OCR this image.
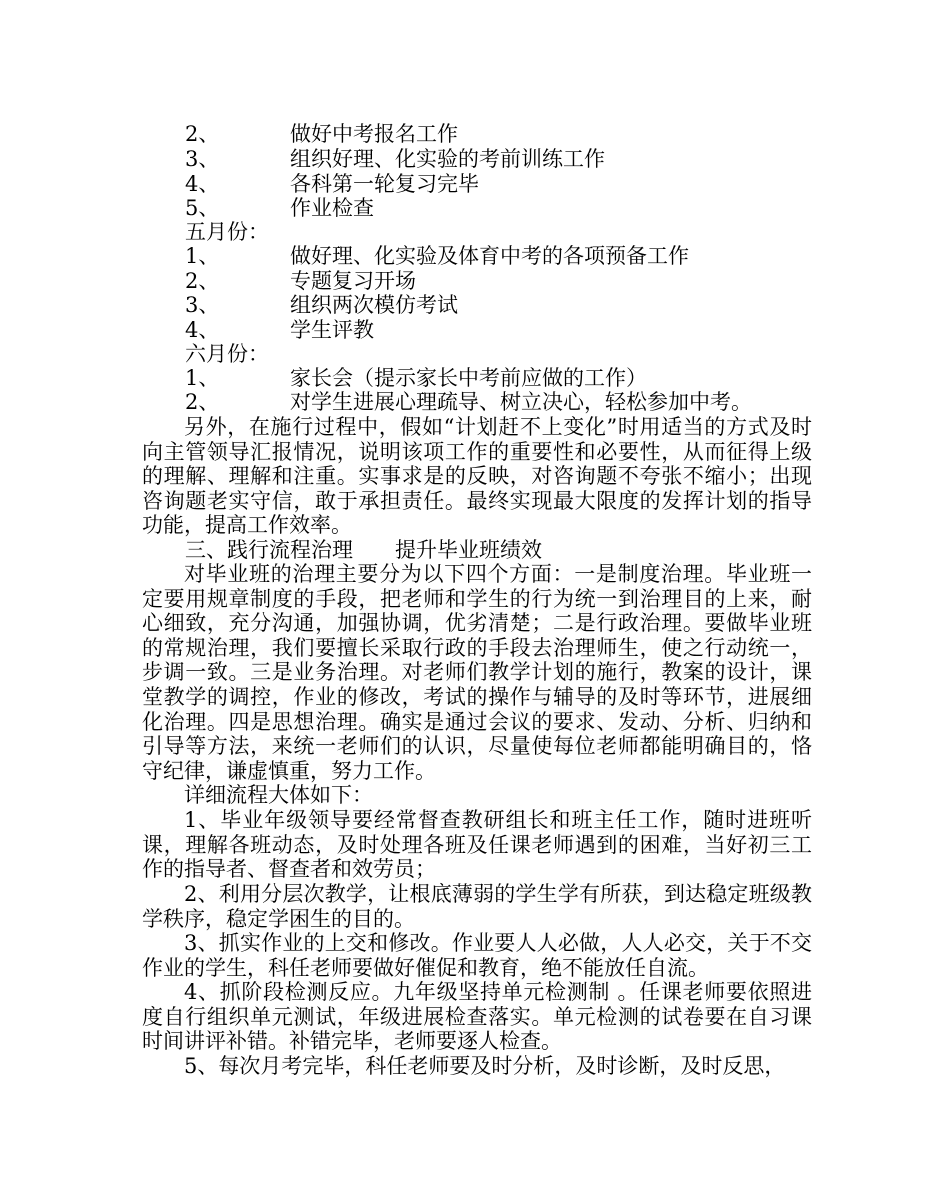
2、	做好中考报名工作
3、	组织好理、化实验的考前训练工作
4、	各科第一轮复习完毕
5、	作业检查
五月份：
1、	做好理、化实验及体育中考的各项预备工作
2、	专题复习开场
3、	组织两次模仿考试
4、	学生评教
六月份：
1、	家长会（提示家长中考前应做的工作）
2、	对学生进展心理疏导、树立决心，轻松参加中考。

另外，在施行过程中，假如“计划赶不上变化”时用适当的方式及时向主管领导汇报情况，说明该项工作的重要性和必要性，从而征得上级的理解、理解和注重。实事求是的反映，对咨询题不夸张不缩小；出现咨询题老实守信，敢于承担责任。最终实现最大限度的发挥计划的指导功能，提高工作效率。

三、践行流程治理　　提升毕业班绩效

对毕业班的治理主要分为以下四个方面：一是制度治理。毕业班一定要用规章制度的手段，把老师和学生的行为统一到治理目的上来，耐心细致，充分沟通，加强协调，优劣清楚；二是行政治理。要做毕业班的常规治理，我们要擅长采取行政的手段去治理师生，使之行动统一，步调一致。三是业务治理。对老师们教学计划的施行，教案的设计，课堂教学的调控，作业的修改，考试的操作与辅导的及时等环节，进展细化治理。四是思想治理。确实是通过会议的要求、发动、分析、归纳和引导等方法，来统一老师们的认识，尽量使每位老师都能明确目的，恪守纪律，谦虚慎重，努力工作。

详细流程大体如下：

1、毕业年级领导要经常督查教研组长和班主任工作，随时进班听课，理解各班动态，及时处理各班及任课老师遇到的困难，当好初三工作的指导者、督查者和效劳员；

2、利用分层次教学，让根底薄弱的学生学有所获，到达稳定班级教学秩序，稳定学困生的目的。

3、抓实作业的上交和修改。作业要人人必做，人人必交，关于不交作业的学生，科任老师要做好催促和教育，绝不能放任自流。

4、抓阶段检测反应。九年级坚持单元检测制 。任课老师要依照进度自行组织单元测试，年级进展检查落实。单元检测的试卷要在自习课时间讲评补错。补错完毕，老师要逐人检查。

5、每次月考完毕，科任老师要及时分析，及时诊断，及时反思，
